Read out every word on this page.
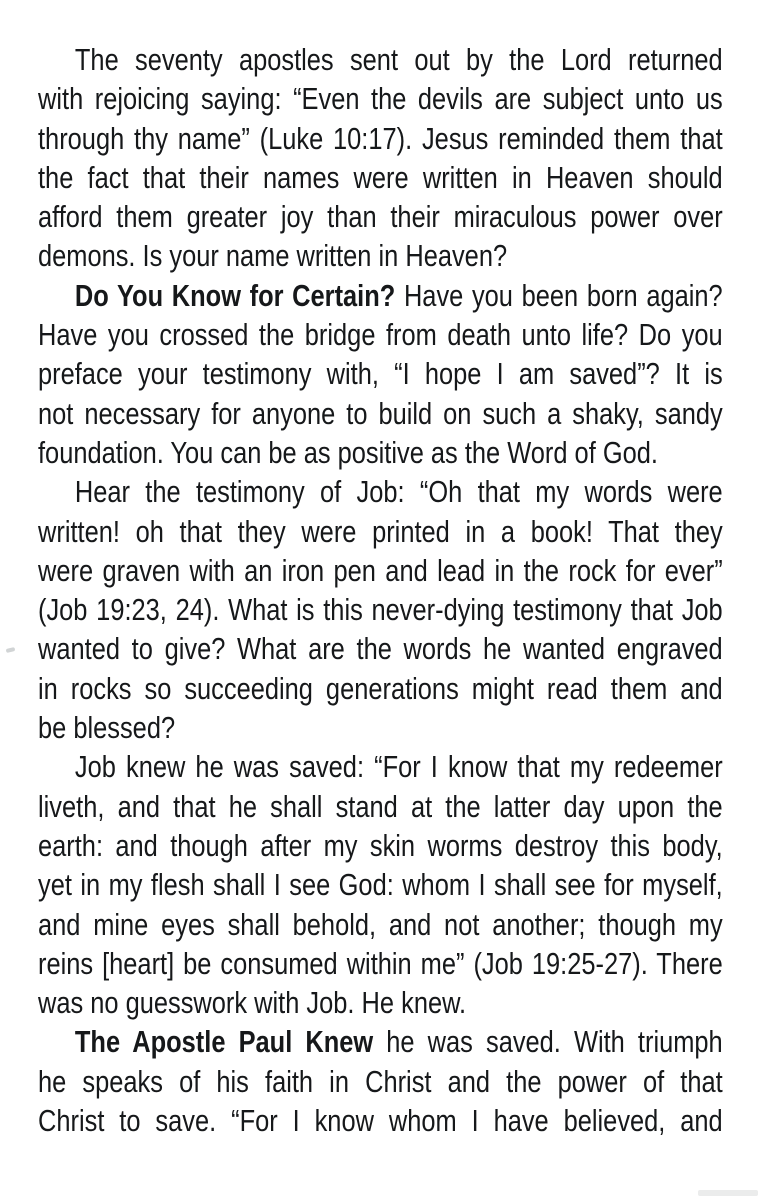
The seventy apostles sent out by the Lord returned
with rejoicing saying: “Even the devils are subject unto us
through thy name” (Luke 10:17). Jesus reminded them that
the fact that their names were written in Heaven should
afford them greater joy than their miraculous power over
demons. Is your name written in Heaven?
Do You Know for Certain? Have you been born again?
Have you crossed the bridge from death unto life? Do you
preface your testimony with, “I hope I am saved”? It is
not necessary for anyone to build on such a shaky, sandy
foundation. You can be as positive as the Word of God.
Hear the testimony of Job: “Oh that my words were
written! oh that they were printed in a book! That they
were graven with an iron pen and lead in the rock for ever”
(Job 19:23, 24). What is this never-dying testimony that Job
wanted to give? What are the words he wanted engraved
in rocks so succeeding generations might read them and
be blessed?
Job knew he was saved: “For I know that my redeemer
liveth, and that he shall stand at the latter day upon the
earth: and though after my skin worms destroy this body,
yet in my flesh shall I see God: whom I shall see for myself,
and mine eyes shall behold, and not another; though my
reins [heart] be consumed within me” (Job 19:25-27). There
was no guesswork with Job. He knew.
The Apostle Paul Knew he was saved. With triumph
he speaks of his faith in Christ and the power of that
Christ to save. “For I know whom I have believed, and
